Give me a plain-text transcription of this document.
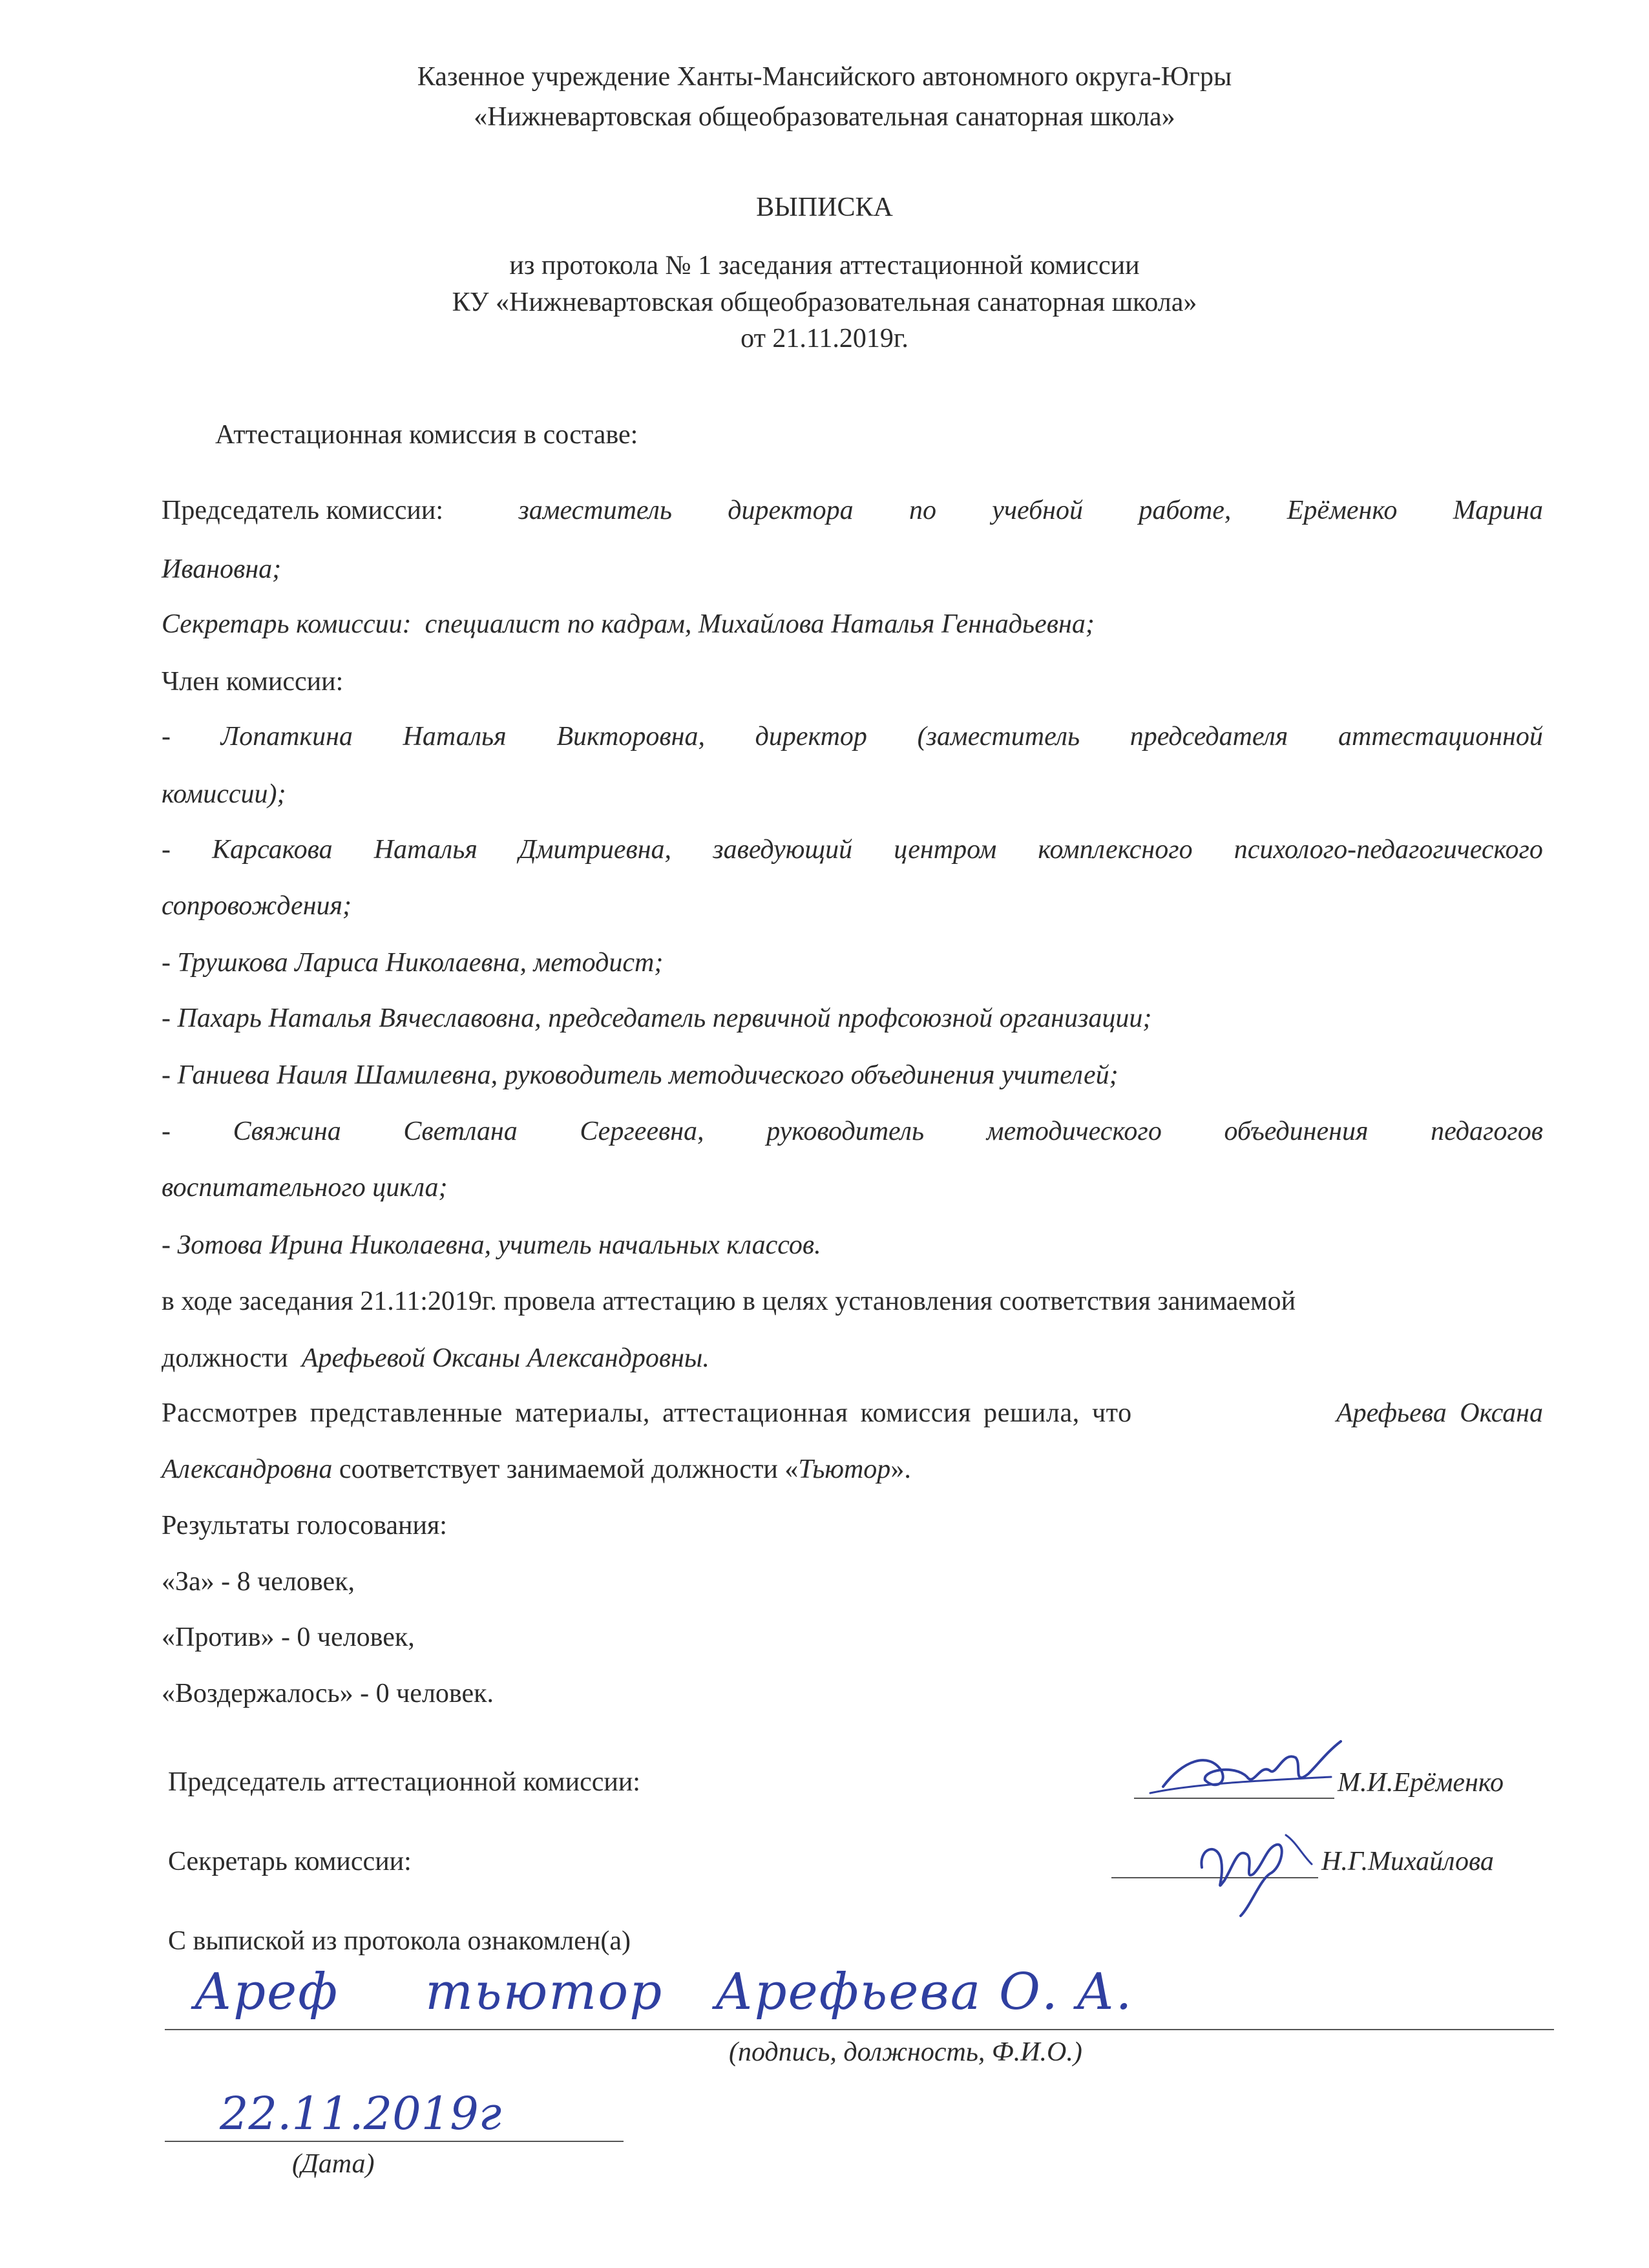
Казенное учреждение Ханты-Мансийского автономного округа-Югры
«Нижневартовская общеобразовательная санаторная школа»
ВЫПИСКА
из протокола № 1 заседания аттестационной комиссии
КУ «Нижневартовская общеобразовательная санаторная школа»
от 21.11.2019г.
Аттестационная комиссия в составе:
Председатель комиссии:	заместитель директора по учебной работе, Ерёменко Марина
Ивановна;
Секретарь комиссии: специалист по кадрам, Михайлова Наталья Геннадьевна;
Член комиссии:
- Лопаткина Наталья Викторовна, директор (заместитель председателя аттестационной
комиссии);
- Карсакова Наталья Дмитриевна, заведующий центром комплексного психолого-педагогического
сопровождения;
- Трушкова Лариса Николаевна, методист;
- Пахарь Наталья Вячеславовна, председатель первичной профсоюзной организации;
- Ганиева Наиля Шамилевна, руководитель методического объединения учителей;
- Свяжина Светлана Сергеевна, руководитель методического объединения педагогов
воспитательного цикла;
- Зотова Ирина Николаевна, учитель начальных классов.
в ходе заседания 21.11:2019г. провела аттестацию в целях установления соответствия занимаемой
должности Арефьевой Оксаны Александровны.
Рассмотрев представленные материалы, аттестационная комиссия решила, что	Арефьева Оксана
Александровна соответствует занимаемой должности «Тьютор».
Результаты голосования:
«За» - 8 человек,
«Против» - 0 человек,
«Воздержалось» - 0 человек.
Председатель аттестационной комиссии:	М.И.Ерёменко
Секретарь комиссии:	Н.Г.Михайлова
С выпиской из протокола ознакомлен(а)
Ареф     тьютор   Арефьева О. А.
(подпись, должность, Ф.И.О.)
22.11.2019г
(Дата)
